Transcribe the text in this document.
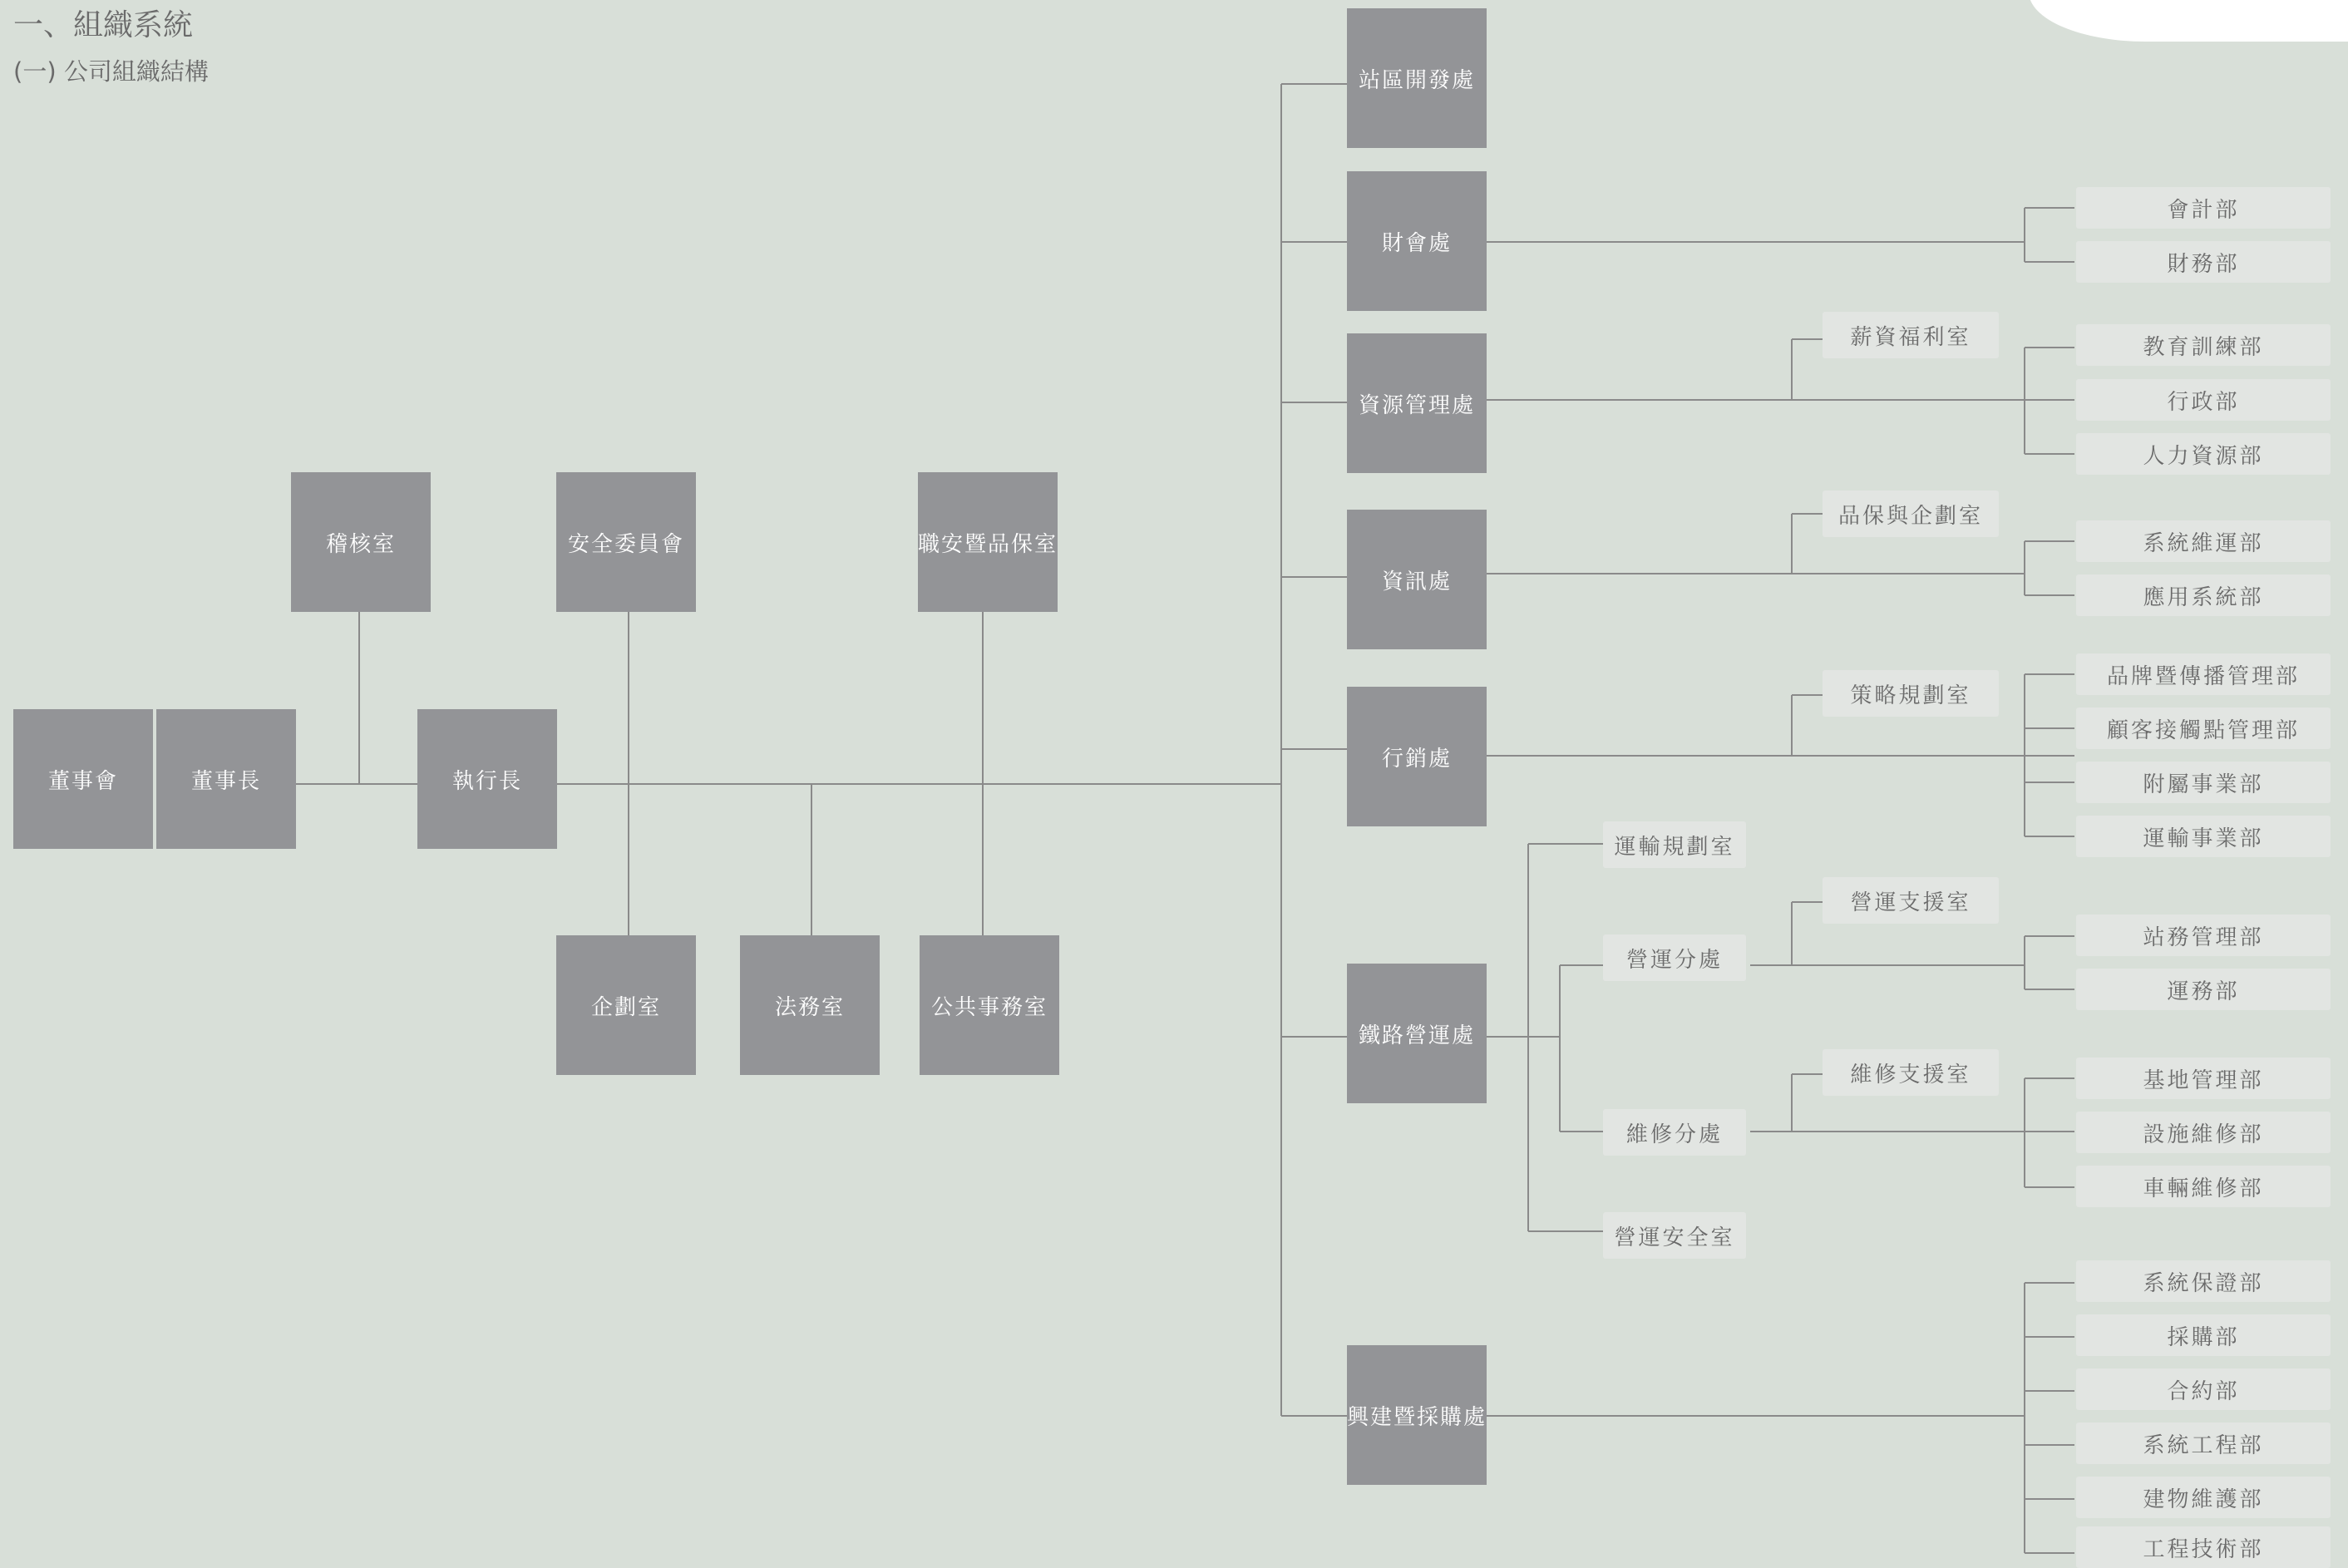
一、組織系統
(一) 公司組織結構
董事會	董事長
稽核室
執行長
安全委員會	職安暨品保室
企劃室	法務室	公共事務室
站區開發處
財會處
資源管理處
資訊處
行銷處
鐵路營運處
興建暨採購處
薪資福利室
品保與企劃室
策略規劃室
營運支援室
維修支援室
運輸規劃室
營運分處
維修分處
營運安全室
會計部
財務部
教育訓練部
行政部
人力資源部
系統維運部
應用系統部
品牌暨傳播管理部
顧客接觸點管理部
附屬事業部
運輸事業部
站務管理部
運務部
基地管理部
設施維修部
車輛維修部
系統保證部
採購部
合約部
系統工程部
建物維護部
工程技術部
